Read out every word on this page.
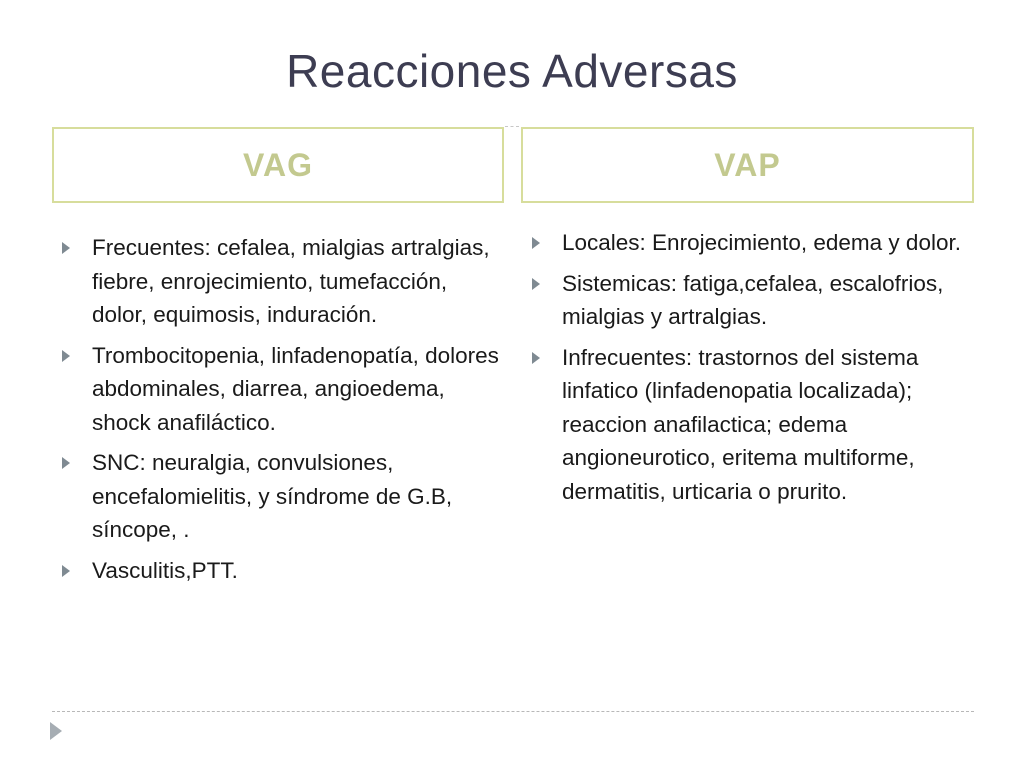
Reacciones Adversas
VAG	VAP
Frecuentes: cefalea, mialgias artralgias, fiebre, enrojecimiento, tumefacción, dolor, equimosis, induración.
Trombocitopenia, linfadenopatía, dolores abdominales, diarrea, angioedema, shock anafiláctico.
SNC: neuralgia, convulsiones, encefalomielitis, y síndrome de G.B, síncope, .
Vasculitis,PTT.
Locales: Enrojecimiento, edema y dolor.
Sistemicas: fatiga,cefalea, escalofrios, mialgias y artralgias.
Infrecuentes: trastornos del sistema linfatico (linfadenopatia localizada); reaccion anafilactica; edema angioneurotico, eritema multiforme, dermatitis, urticaria o prurito.
